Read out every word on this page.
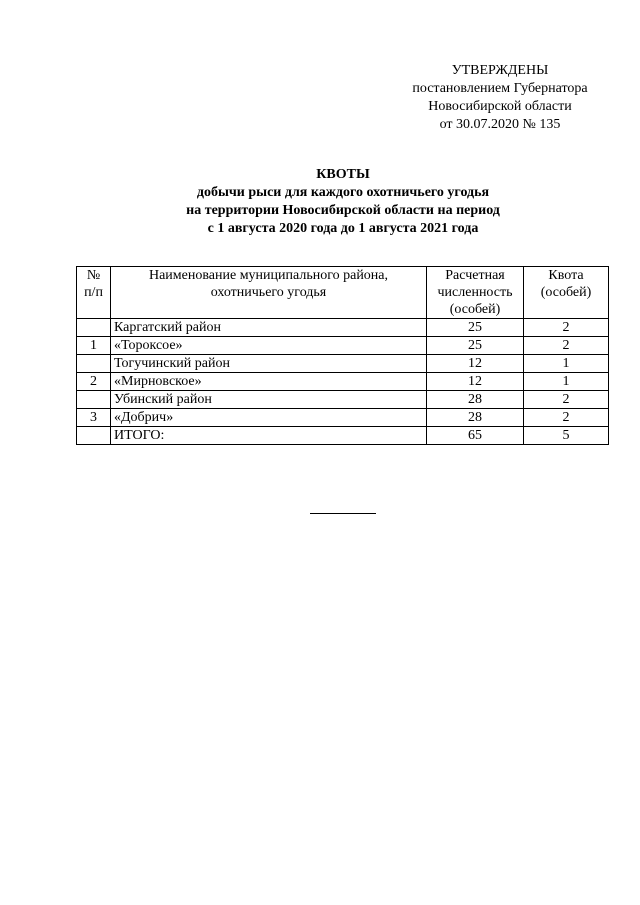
УТВЕРЖДЕНЫ
постановлением Губернатора
Новосибирской области
от 30.07.2020 № 135
КВОТЫ
добычи рыси для каждого охотничьего угодья
на территории Новосибирской области на период
с 1 августа 2020 года до 1 августа 2021 года
№ п/п	Наименование муниципального района, охотничьего угодья	Расчетная численность (особей)	Квота (особей)
	Каргатский район	25	2
1	«Тороксое»	25	2
	Тогучинский район	12	1
2	«Мирновское»	12	1
	Убинский район	28	2
3	«Добрич»	28	2
	ИТОГО:	65	5
